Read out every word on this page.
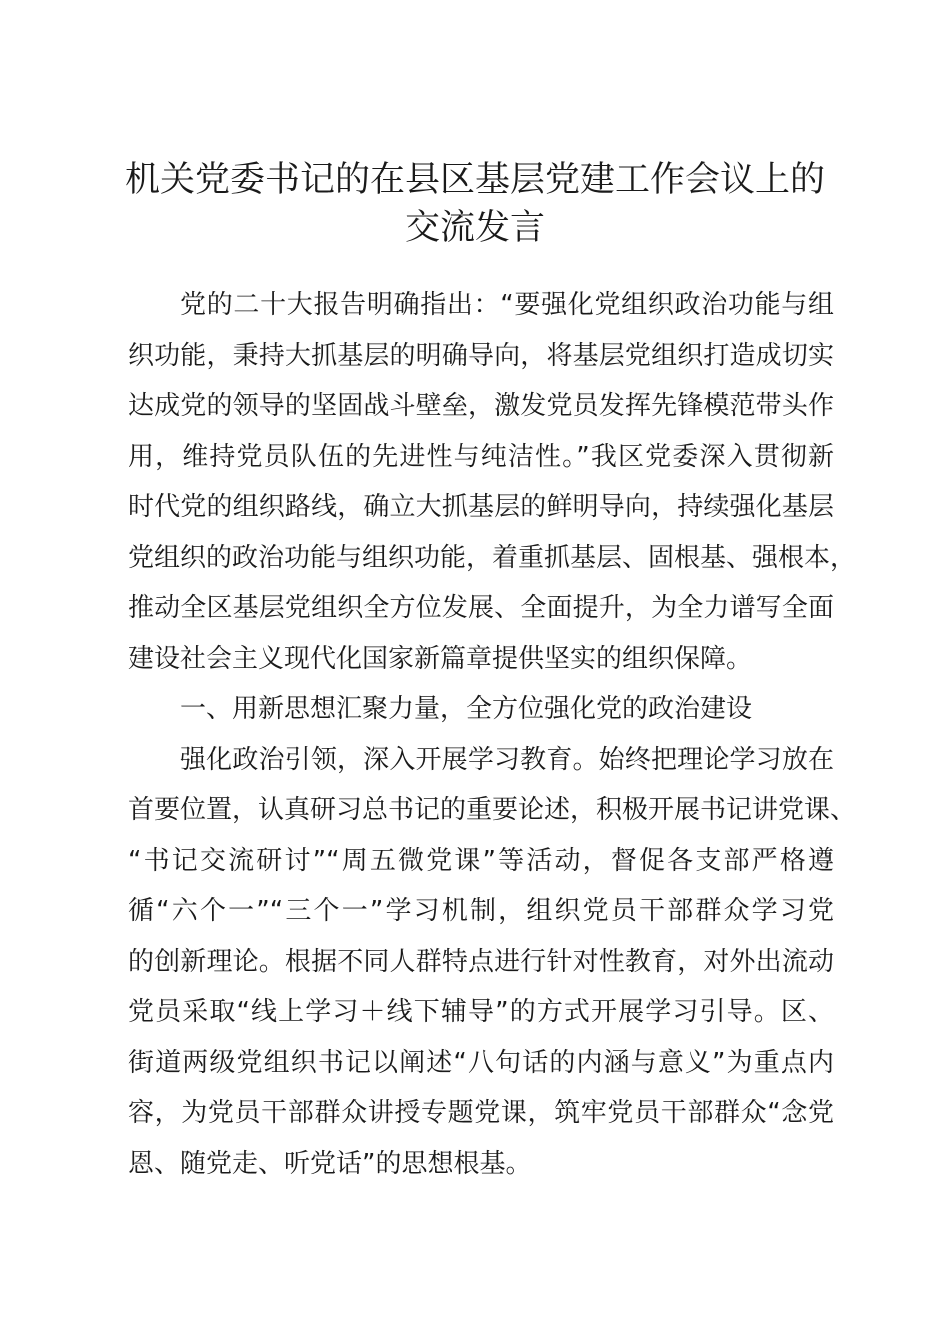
机关党委书记的在县区基层党建工作会议上的
交流发言
党的二十大报告明确指出：“要强化党组织政治功能与组
织功能，秉持大抓基层的明确导向，将基层党组织打造成切实
达成党的领导的坚固战斗壁垒，激发党员发挥先锋模范带头作
用，维持党员队伍的先进性与纯洁性。”我区党委深入贯彻新
时代党的组织路线，确立大抓基层的鲜明导向，持续强化基层
党组织的政治功能与组织功能，着重抓基层、固根基、强根本，
推动全区基层党组织全方位发展、全面提升，为全力谱写全面
建设社会主义现代化国家新篇章提供坚实的组织保障。
一、用新思想汇聚力量，全方位强化党的政治建设
强化政治引领，深入开展学习教育。始终把理论学习放在
首要位置，认真研习总书记的重要论述，积极开展书记讲党课、
“书记交流研讨”“周五微党课”等活动，督促各支部严格遵
循“六个一”“三个一”学习机制，组织党员干部群众学习党
的创新理论。根据不同人群特点进行针对性教育，对外出流动
党员采取“线上学习＋线下辅导”的方式开展学习引导。区、
街道两级党组织书记以阐述“八句话的内涵与意义”为重点内
容，为党员干部群众讲授专题党课，筑牢党员干部群众“念党
恩、随党走、听党话”的思想根基。
